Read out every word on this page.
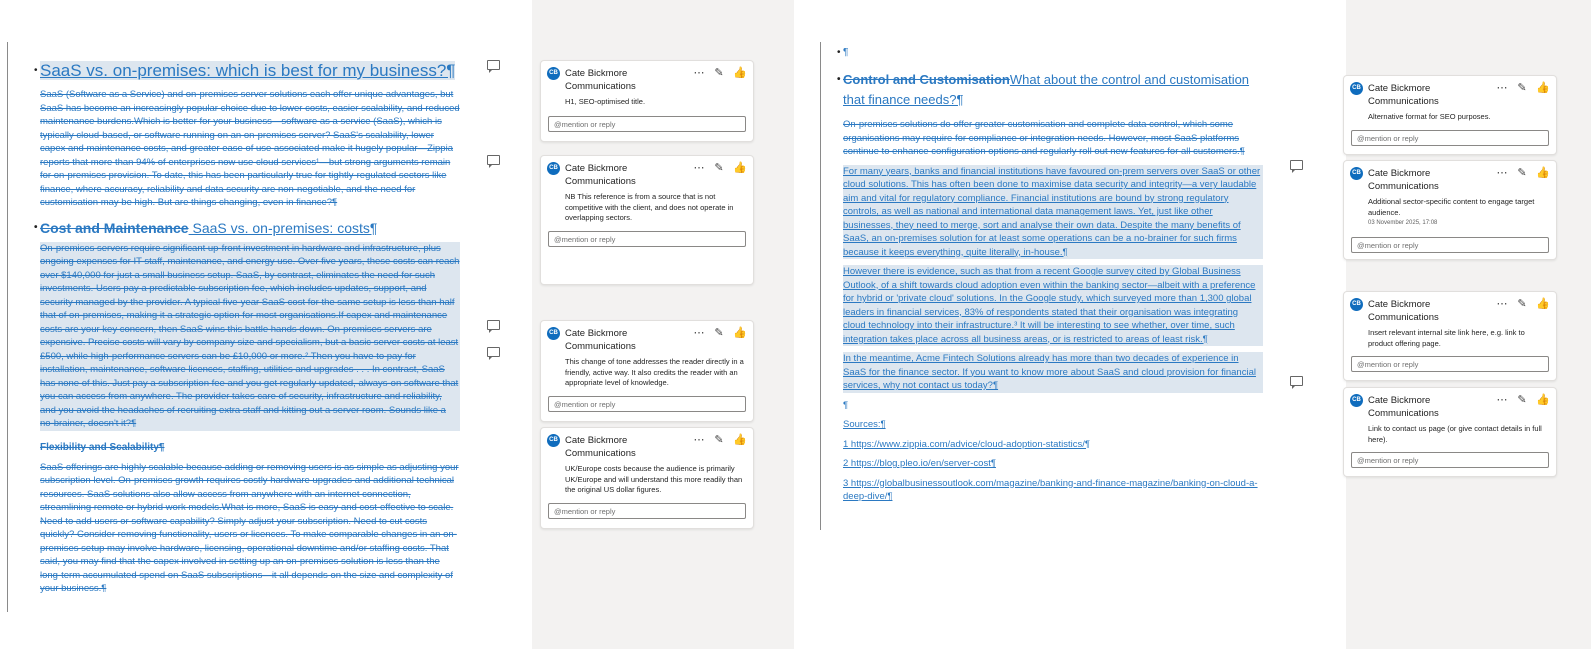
• SaaS vs. on-premises: which is best for my business?¶

SaaS (Software as a Service) and on-premises server solutions each offer unique advantages, but SaaS has become an increasingly popular choice due to lower costs, easier scalability, and reduced maintenance burdens.Which is better for your business—software as a service (SaaS), which is typically cloud-based, or software running on an on-premises server? SaaS's scalability, lower capex and maintenance costs, and greater ease of use associated make it hugely popular—Zippia reports that more than 94% of enterprises now use cloud services¹—but strong arguments remain for on-premises provision. To date, this has been particularly true for tightly-regulated sectors like finance, where accuracy, reliability and data security are non-negotiable, and the need for customisation may be high. But are things changing, even in finance?¶

• Cost and Maintenance SaaS vs. on-premises: costs¶

On-premises servers require significant up-front investment in hardware and infrastructure, plus ongoing expenses for IT staff, maintenance, and energy use. Over five years, these costs can reach over $140,000 for just a small business setup. SaaS, by contrast, eliminates the need for such investments. Users pay a predictable subscription fee, which includes updates, support, and security managed by the provider. A typical five-year SaaS cost for the same setup is less than half that of on-premises, making it a strategic option for most organisations.If capex and maintenance costs are your key concern, then SaaS wins this battle hands down. On-premises servers are expensive. Precise costs will vary by company size and specialism, but a basic server costs at least £500, while high-performance servers can be £10,000 or more.² Then you have to pay for installation, maintenance, software licences, staffing, utilities and upgrades . . . In contrast, SaaS has none of this. Just pay a subscription fee and you get regularly updated, always-on software that you can access from anywhere. The provider takes care of security, infrastructure and reliability, and you avoid the headaches of recruiting extra staff and kitting out a server room. Sounds like a no-brainer, doesn't it?¶

Flexibility and Scalability¶

SaaS offerings are highly scalable because adding or removing users is as simple as adjusting your subscription level. On-premises growth requires costly hardware upgrades and additional technical resources. SaaS solutions also allow access from anywhere with an internet connection, streamlining remote or hybrid work models.What is more, SaaS is easy and cost-effective to scale. Need to add users or software capability? Simply adjust your subscription. Need to cut costs quickly? Consider removing functionality, users or licences. To make comparable changes in an on-premises setup may involve hardware, licensing, operational downtime and/or staffing costs. That said, you may find that the capex involved in setting up an on-premises solution is less than the long-term accumulated spend on SaaS subscriptions—it all depends on the size and complexity of your business.¶

• ¶

• Control and CustomisationWhat about the control and customisation that finance needs?¶

On-premises solutions do offer greater customisation and complete data control, which some organisations may require for compliance or integration needs. However, most SaaS platforms continue to enhance configuration options and regularly roll out new features for all customers.¶

For many years, banks and financial institutions have favoured on-prem servers over SaaS or other cloud solutions. This has often been done to maximise data security and integrity—a very laudable aim and vital for regulatory compliance. Financial institutions are bound by strong regulatory controls, as well as national and international data management laws. Yet, just like other businesses, they need to merge, sort and analyse their own data. Despite the many benefits of SaaS, an on-premises solution for at least some operations can be a no-brainer for such firms because it keeps everything, quite literally, in-house.¶

However there is evidence, such as that from a recent Google survey cited by Global Business Outlook, of a shift towards cloud adoption even within the banking sector—albeit with a preference for hybrid or 'private cloud' solutions. In the Google study, which surveyed more than 1,300 global leaders in financial services, 83% of respondents stated that their organisation was integrating cloud technology into their infrastructure.³ It will be interesting to see whether, over time, such integration takes place across all business areas, or is restricted to areas of least risk.¶

In the meantime, Acme Fintech Solutions already has more than two decades of experience in SaaS for the finance sector. If you want to know more about SaaS and cloud provision for financial services, why not contact us today?¶

¶

Sources:¶

1 https://www.zippia.com/advice/cloud-adoption-statistics/¶

2 https://blog.pleo.io/en/server-cost¶

3 https://globalbusinessoutlook.com/magazine/banking-and-finance-magazine/banking-on-cloud-a-deep-dive/¶

CB Cate Bickmore Communications
⋯ ✎ 👍
H1, SEO-optimised title.
@mention or reply
CB Cate Bickmore Communications
⋯ ✎ 👍
NB This reference is from a source that is not competitive with the client, and does not operate in overlapping sectors.
@mention or reply
CB Cate Bickmore Communications
⋯ ✎ 👍
This change of tone addresses the reader directly in a friendly, active way. It also credits the reader with an appropriate level of knowledge.
@mention or reply
CB Cate Bickmore Communications
⋯ ✎ 👍
UK/Europe costs because the audience is primarily UK/Europe and will understand this more readily than the original US dollar figures.
@mention or reply
CB Cate Bickmore Communications
⋯ ✎ 👍
Alternative format for SEO purposes.
@mention or reply
CB Cate Bickmore Communications
⋯ ✎ 👍
Additional sector-specific content to engage target audience.
03 November 2025, 17:08
@mention or reply
CB Cate Bickmore Communications
⋯ ✎ 👍
Insert relevant internal site link here, e.g. link to product offering page.
@mention or reply
CB Cate Bickmore Communications
⋯ ✎ 👍
Link to contact us page (or give contact details in full here).
@mention or reply
